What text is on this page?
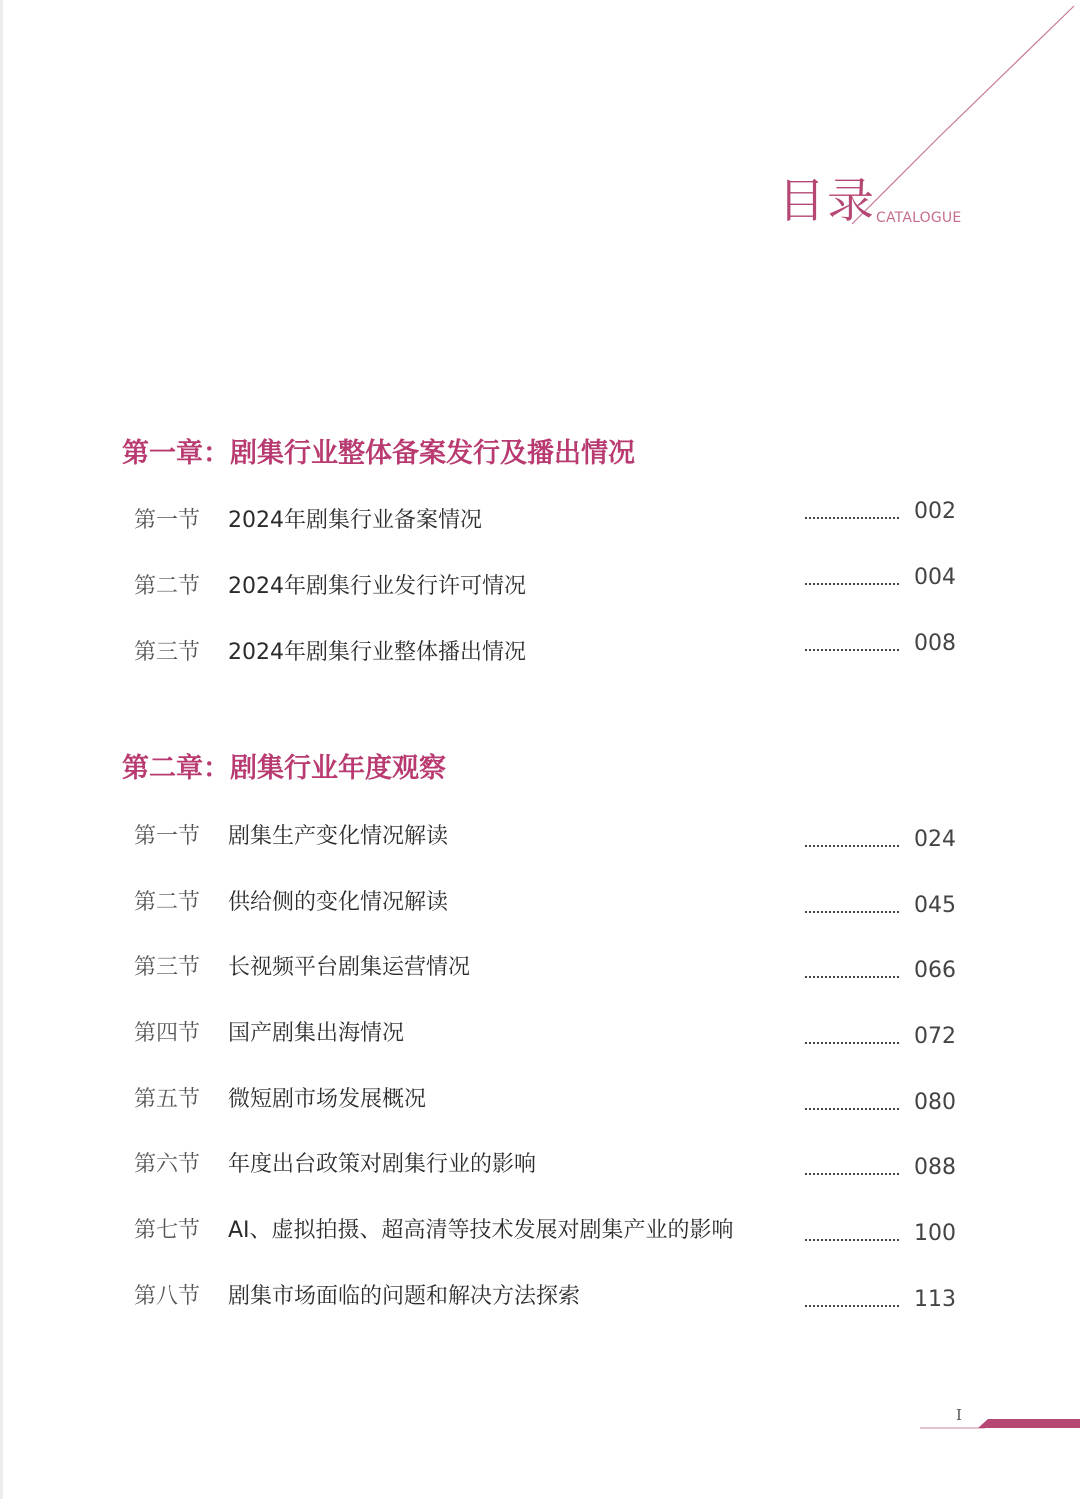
目录 CATALOGUE
第一章：剧集行业整体备案发行及播出情况
第一节 2024年剧集行业备案情况	002
第二节 2024年剧集行业发行许可情况	004
第三节 2024年剧集行业整体播出情况	008
第二章：剧集行业年度观察
第一节 剧集生产变化情况解读	024
第二节 供给侧的变化情况解读	045
第三节 长视频平台剧集运营情况	066
第四节 国产剧集出海情况	072
第五节 微短剧市场发展概况	080
第六节 年度出台政策对剧集行业的影响	088
第七节 AI、虚拟拍摄、超高清等技术发展对剧集产业的影响	100
第八节 剧集市场面临的问题和解决方法探索	113
I
